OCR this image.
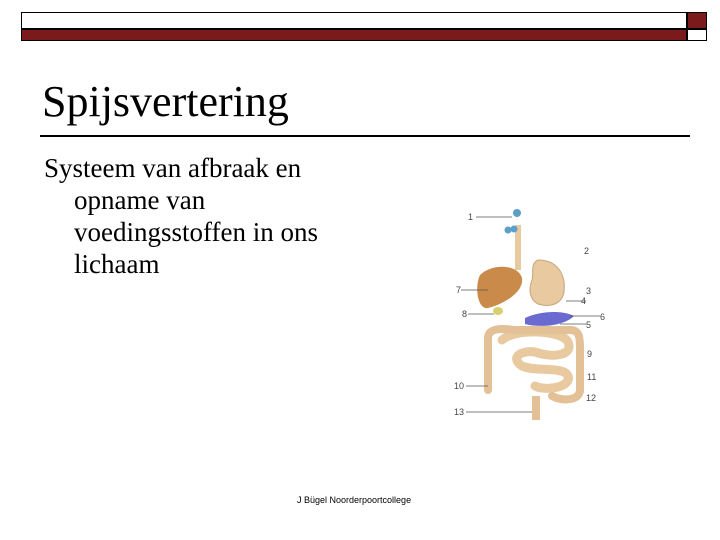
Spijsvertering
Systeem van afbraak en
opname van voedingsstoffen in ons lichaam
1
2
3
4
5
6
7
8
9
10
11
12
13
J Bügel Noorderpoortcollege
